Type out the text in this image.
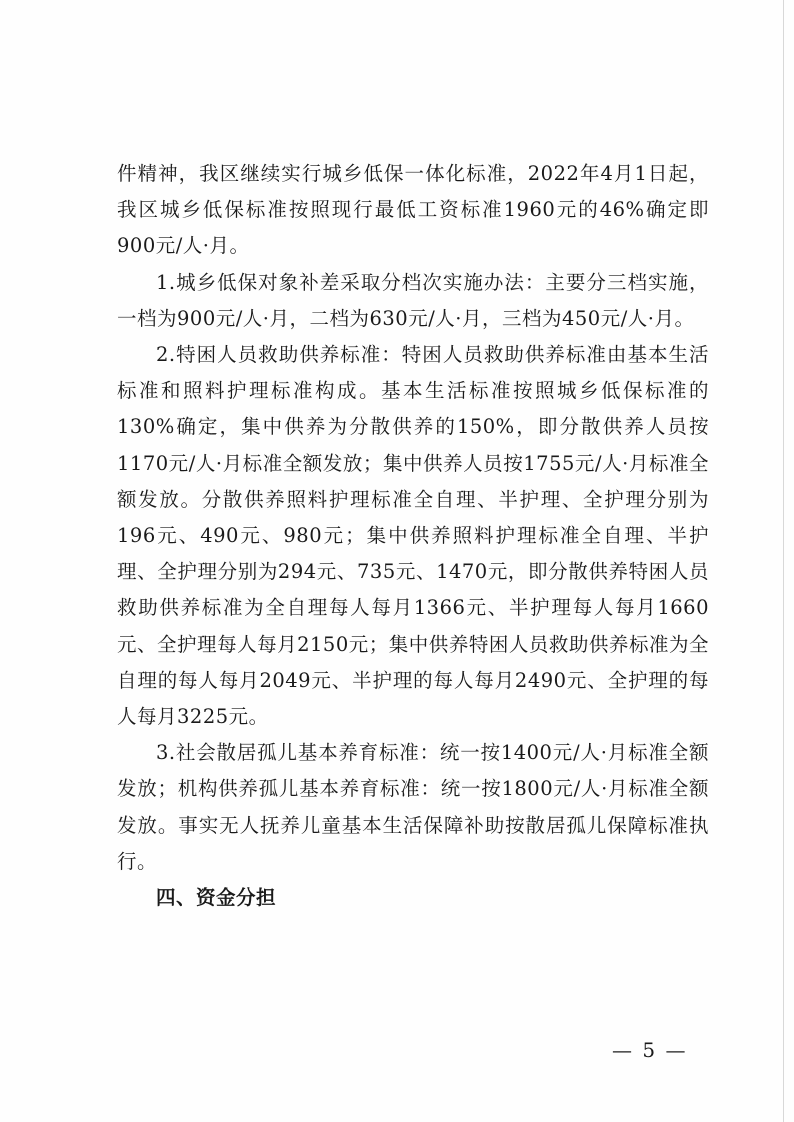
件精神，我区继续实行城乡低保一体化标准，2022年4月1日起，我区城乡低保标准按照现行最低工资标准1960元的46%确定即900元/人·月。

1.城乡低保对象补差采取分档次实施办法：主要分三档实施，一档为900元/人·月，二档为630元/人·月，三档为450元/人·月。

2.特困人员救助供养标准：特困人员救助供养标准由基本生活标准和照料护理标准构成。基本生活标准按照城乡低保标准的130%确定，集中供养为分散供养的150%，即分散供养人员按1170元/人·月标准全额发放；集中供养人员按1755元/人·月标准全额发放。分散供养照料护理标准全自理、半护理、全护理分别为196元、490元、980元；集中供养照料护理标准全自理、半护理、全护理分别为294元、735元、1470元，即分散供养特困人员救助供养标准为全自理每人每月1366元、半护理每人每月1660元、全护理每人每月2150元；集中供养特困人员救助供养标准为全自理的每人每月2049元、半护理的每人每月2490元、全护理的每人每月3225元。

3.社会散居孤儿基本养育标准：统一按1400元/人·月标准全额发放；机构供养孤儿基本养育标准：统一按1800元/人·月标准全额发放。事实无人抚养儿童基本生活保障补助按散居孤儿保障标准执行。

四、资金分担

— 5 —
